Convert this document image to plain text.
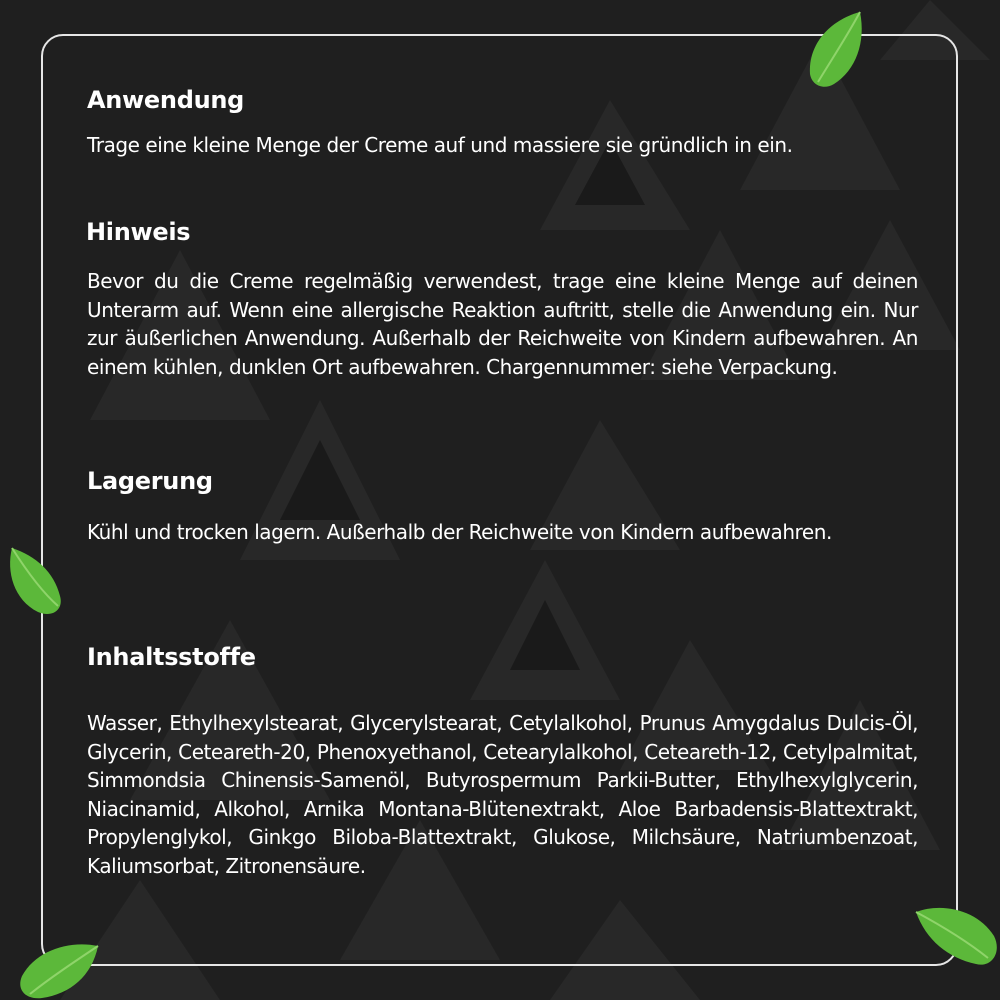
Anwendung

Trage eine kleine Menge der Creme auf und massiere sie gründlich in ein.

Hinweis

Bevor du die Creme regelmäßig verwendest, trage eine kleine Menge auf deinen Unterarm auf. Wenn eine allergische Reaktion auftritt, stelle die Anwendung ein. Nur zur äußerlichen Anwendung. Außerhalb der Reichweite von Kindern aufbewahren. An einem kühlen, dunklen Ort aufbewahren. Chargennummer: siehe Verpackung.

Lagerung

Kühl und trocken lagern. Außerhalb der Reichweite von Kindern aufbewahren.

Inhaltsstoffe

Wasser, Ethylhexylstearat, Glycerylstearat, Cetylalkohol, Prunus Amygdalus Dulcis-Öl, Glycerin, Ceteareth-20, Phenoxyethanol, Cetearylalkohol, Ceteareth-12, Cetylpalmitat, Simmondsia Chinensis-Samenöl, Butyrospermum Parkii-Butter, Ethylhexylglycerin, Niacinamid, Alkohol, Arnika Montana-Blütenextrakt, Aloe Barbadensis-Blattextrakt, Propylenglykol, Ginkgo Biloba-Blattextrakt, Glukose, Milchsäure, Natriumbenzoat, Kaliumsorbat, Zitronensäure.
